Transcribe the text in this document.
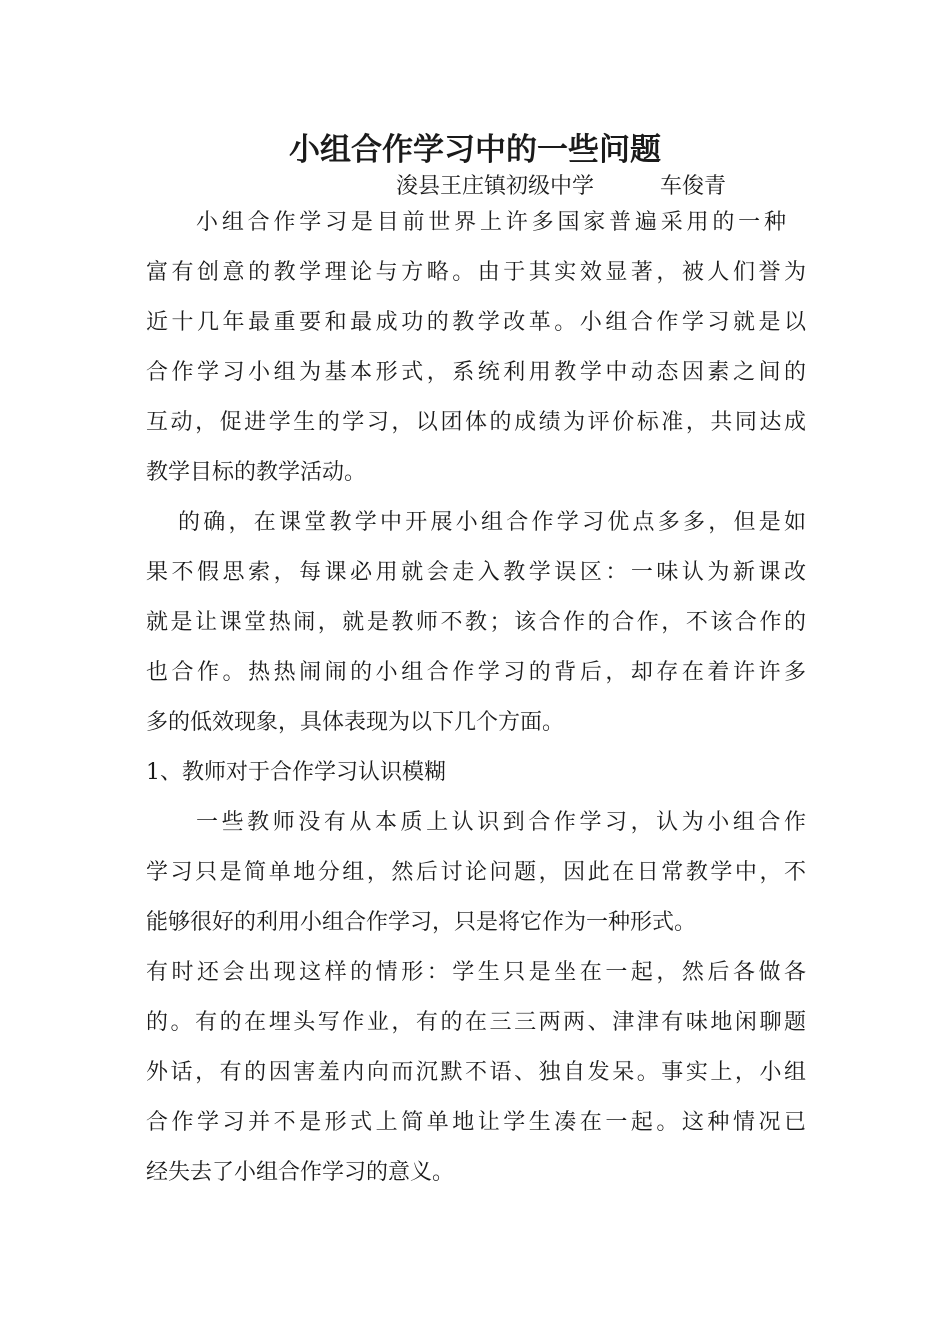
小组合作学习中的一些问题
浚县王庄镇初级中学	车俊青
小组合作学习是目前世界上许多国家普遍采用的一种
富有创意的教学理论与方略。由于其实效显著，被人们誉为
近十几年最重要和最成功的教学改革。小组合作学习就是以
合作学习小组为基本形式，系统利用教学中动态因素之间的
互动，促进学生的学习，以团体的成绩为评价标准，共同达成
教学目标的教学活动。
的确，在课堂教学中开展小组合作学习优点多多，但是如
果不假思索，每课必用就会走入教学误区：一味认为新课改
就是让课堂热闹，就是教师不教；该合作的合作，不该合作的
也合作。热热闹闹的小组合作学习的背后，却存在着许许多
多的低效现象，具体表现为以下几个方面。
1、教师对于合作学习认识模糊
一些教师没有从本质上认识到合作学习，认为小组合作
学习只是简单地分组，然后讨论问题，因此在日常教学中，不
能够很好的利用小组合作学习，只是将它作为一种形式。
有时还会出现这样的情形：学生只是坐在一起，然后各做各
的。有的在埋头写作业，有的在三三两两、津津有味地闲聊题
外话，有的因害羞内向而沉默不语、独自发呆。事实上，小组
合作学习并不是形式上简单地让学生凑在一起。这种情况已
经失去了小组合作学习的意义。
